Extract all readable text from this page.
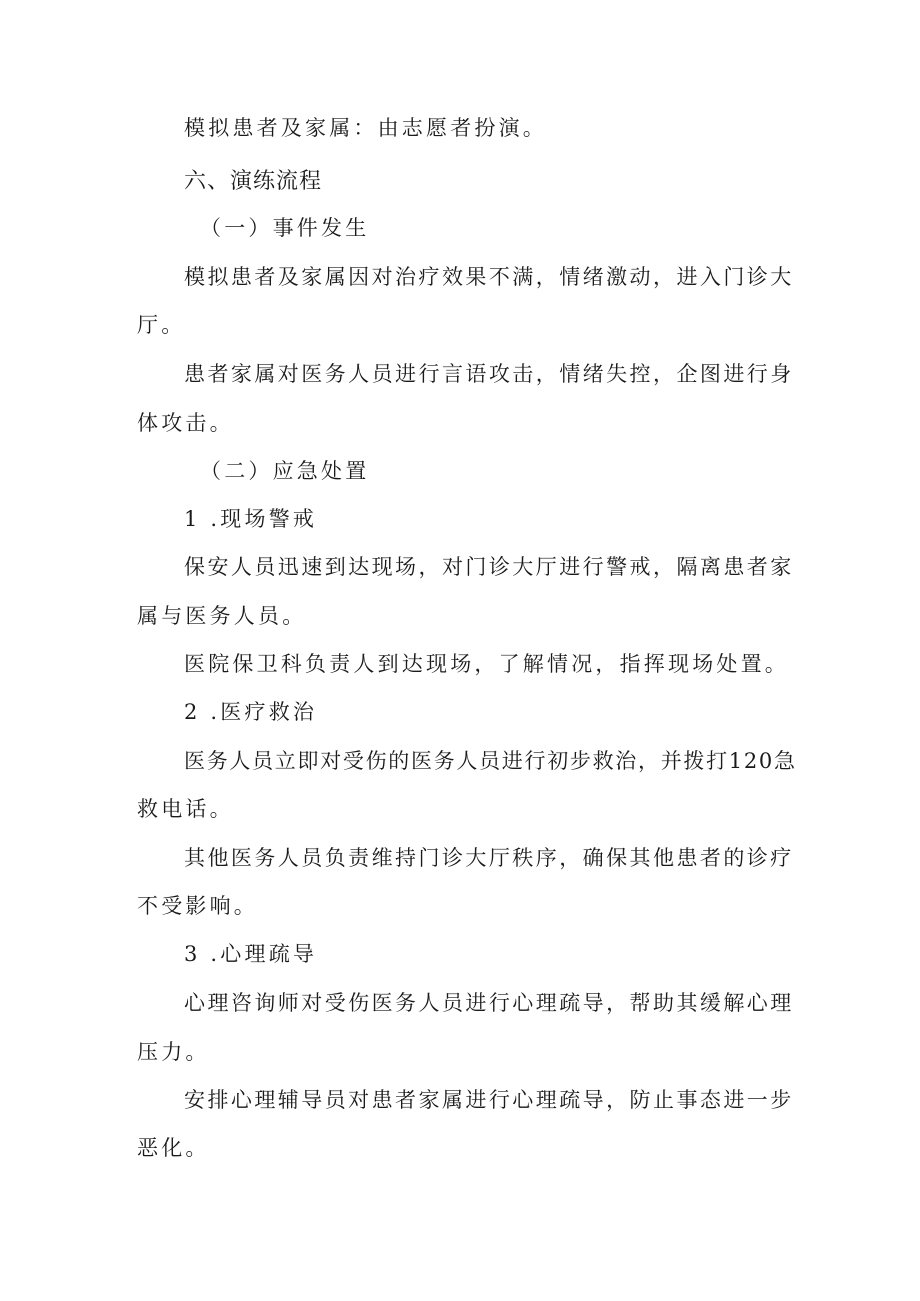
模拟患者及家属：由志愿者扮演。
六、演练流程
（一）事件发生
模拟患者及家属因对治疗效果不满，情绪激动，进入门诊大
厅。
患者家属对医务人员进行言语攻击，情绪失控，企图进行身
体攻击。
（二）应急处置
1 .现场警戒
保安人员迅速到达现场，对门诊大厅进行警戒，隔离患者家
属与医务人员。
医院保卫科负责人到达现场，了解情况，指挥现场处置。
2 .医疗救治
医务人员立即对受伤的医务人员进行初步救治，并拨打120急
救电话。
其他医务人员负责维持门诊大厅秩序，确保其他患者的诊疗
不受影响。
3 .心理疏导
心理咨询师对受伤医务人员进行心理疏导，帮助其缓解心理
压力。
安排心理辅导员对患者家属进行心理疏导，防止事态进一步
恶化。
